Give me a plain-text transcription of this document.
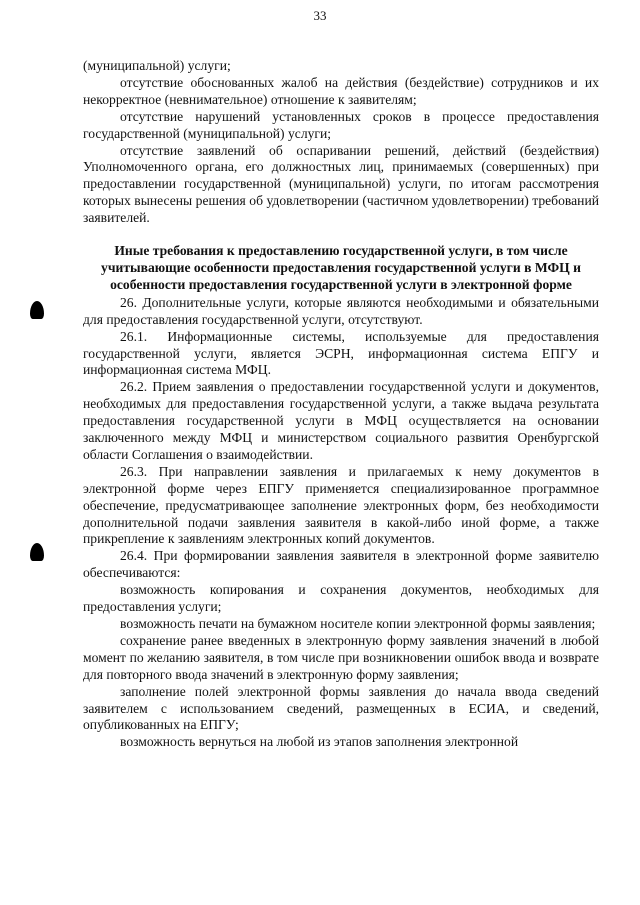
33

(муниципальной) услуги;

отсутствие обоснованных жалоб на действия (бездействие) сотрудников и их некорректное (невнимательное) отношение к заявителям;

отсутствие нарушений установленных сроков в процессе предоставления государственной (муниципальной) услуги;

отсутствие заявлений об оспаривании решений, действий (бездействия) Уполномоченного органа, его должностных лиц, принимаемых (совершенных) при предоставлении государственной (муниципальной) услуги, по итогам рассмотрения которых вынесены решения об удовлетворении (частичном удовлетворении) требований заявителей.

Иные требования к предоставлению государственной услуги, в том числе учитывающие особенности предоставления государственной услуги в МФЦ и особенности предоставления государственной услуги в электронной форме

26. Дополнительные услуги, которые являются необходимыми и обязательными для предоставления государственной услуги, отсутствуют.

26.1. Информационные системы, используемые для предоставления государственной услуги, является ЭСРН, информационная система ЕПГУ и информационная система МФЦ.

26.2. Прием заявления о предоставлении государственной услуги и документов, необходимых для предоставления государственной услуги, а также выдача результата предоставления государственной услуги в МФЦ осуществляется на основании заключенного между МФЦ и министерством социального развития Оренбургской области Соглашения о взаимодействии.

26.3. При направлении заявления и прилагаемых к нему документов в электронной форме через ЕПГУ применяется специализированное программное обеспечение, предусматривающее заполнение электронных форм, без необходимости дополнительной подачи заявления заявителя в какой-либо иной форме, а также прикрепление к заявлениям электронных копий документов.

26.4. При формировании заявления заявителя в электронной форме заявителю обеспечиваются:

возможность копирования и сохранения документов, необходимых для предоставления услуги;

возможность печати на бумажном носителе копии электронной формы заявления;

сохранение ранее введенных в электронную форму заявления значений в любой момент по желанию заявителя, в том числе при возникновении ошибок ввода и возврате для повторного ввода значений в электронную форму заявления;

заполнение полей электронной формы заявления до начала ввода сведений заявителем с использованием сведений, размещенных в ЕСИА, и сведений, опубликованных на ЕПГУ;

возможность вернуться на любой из этапов заполнения электронной
